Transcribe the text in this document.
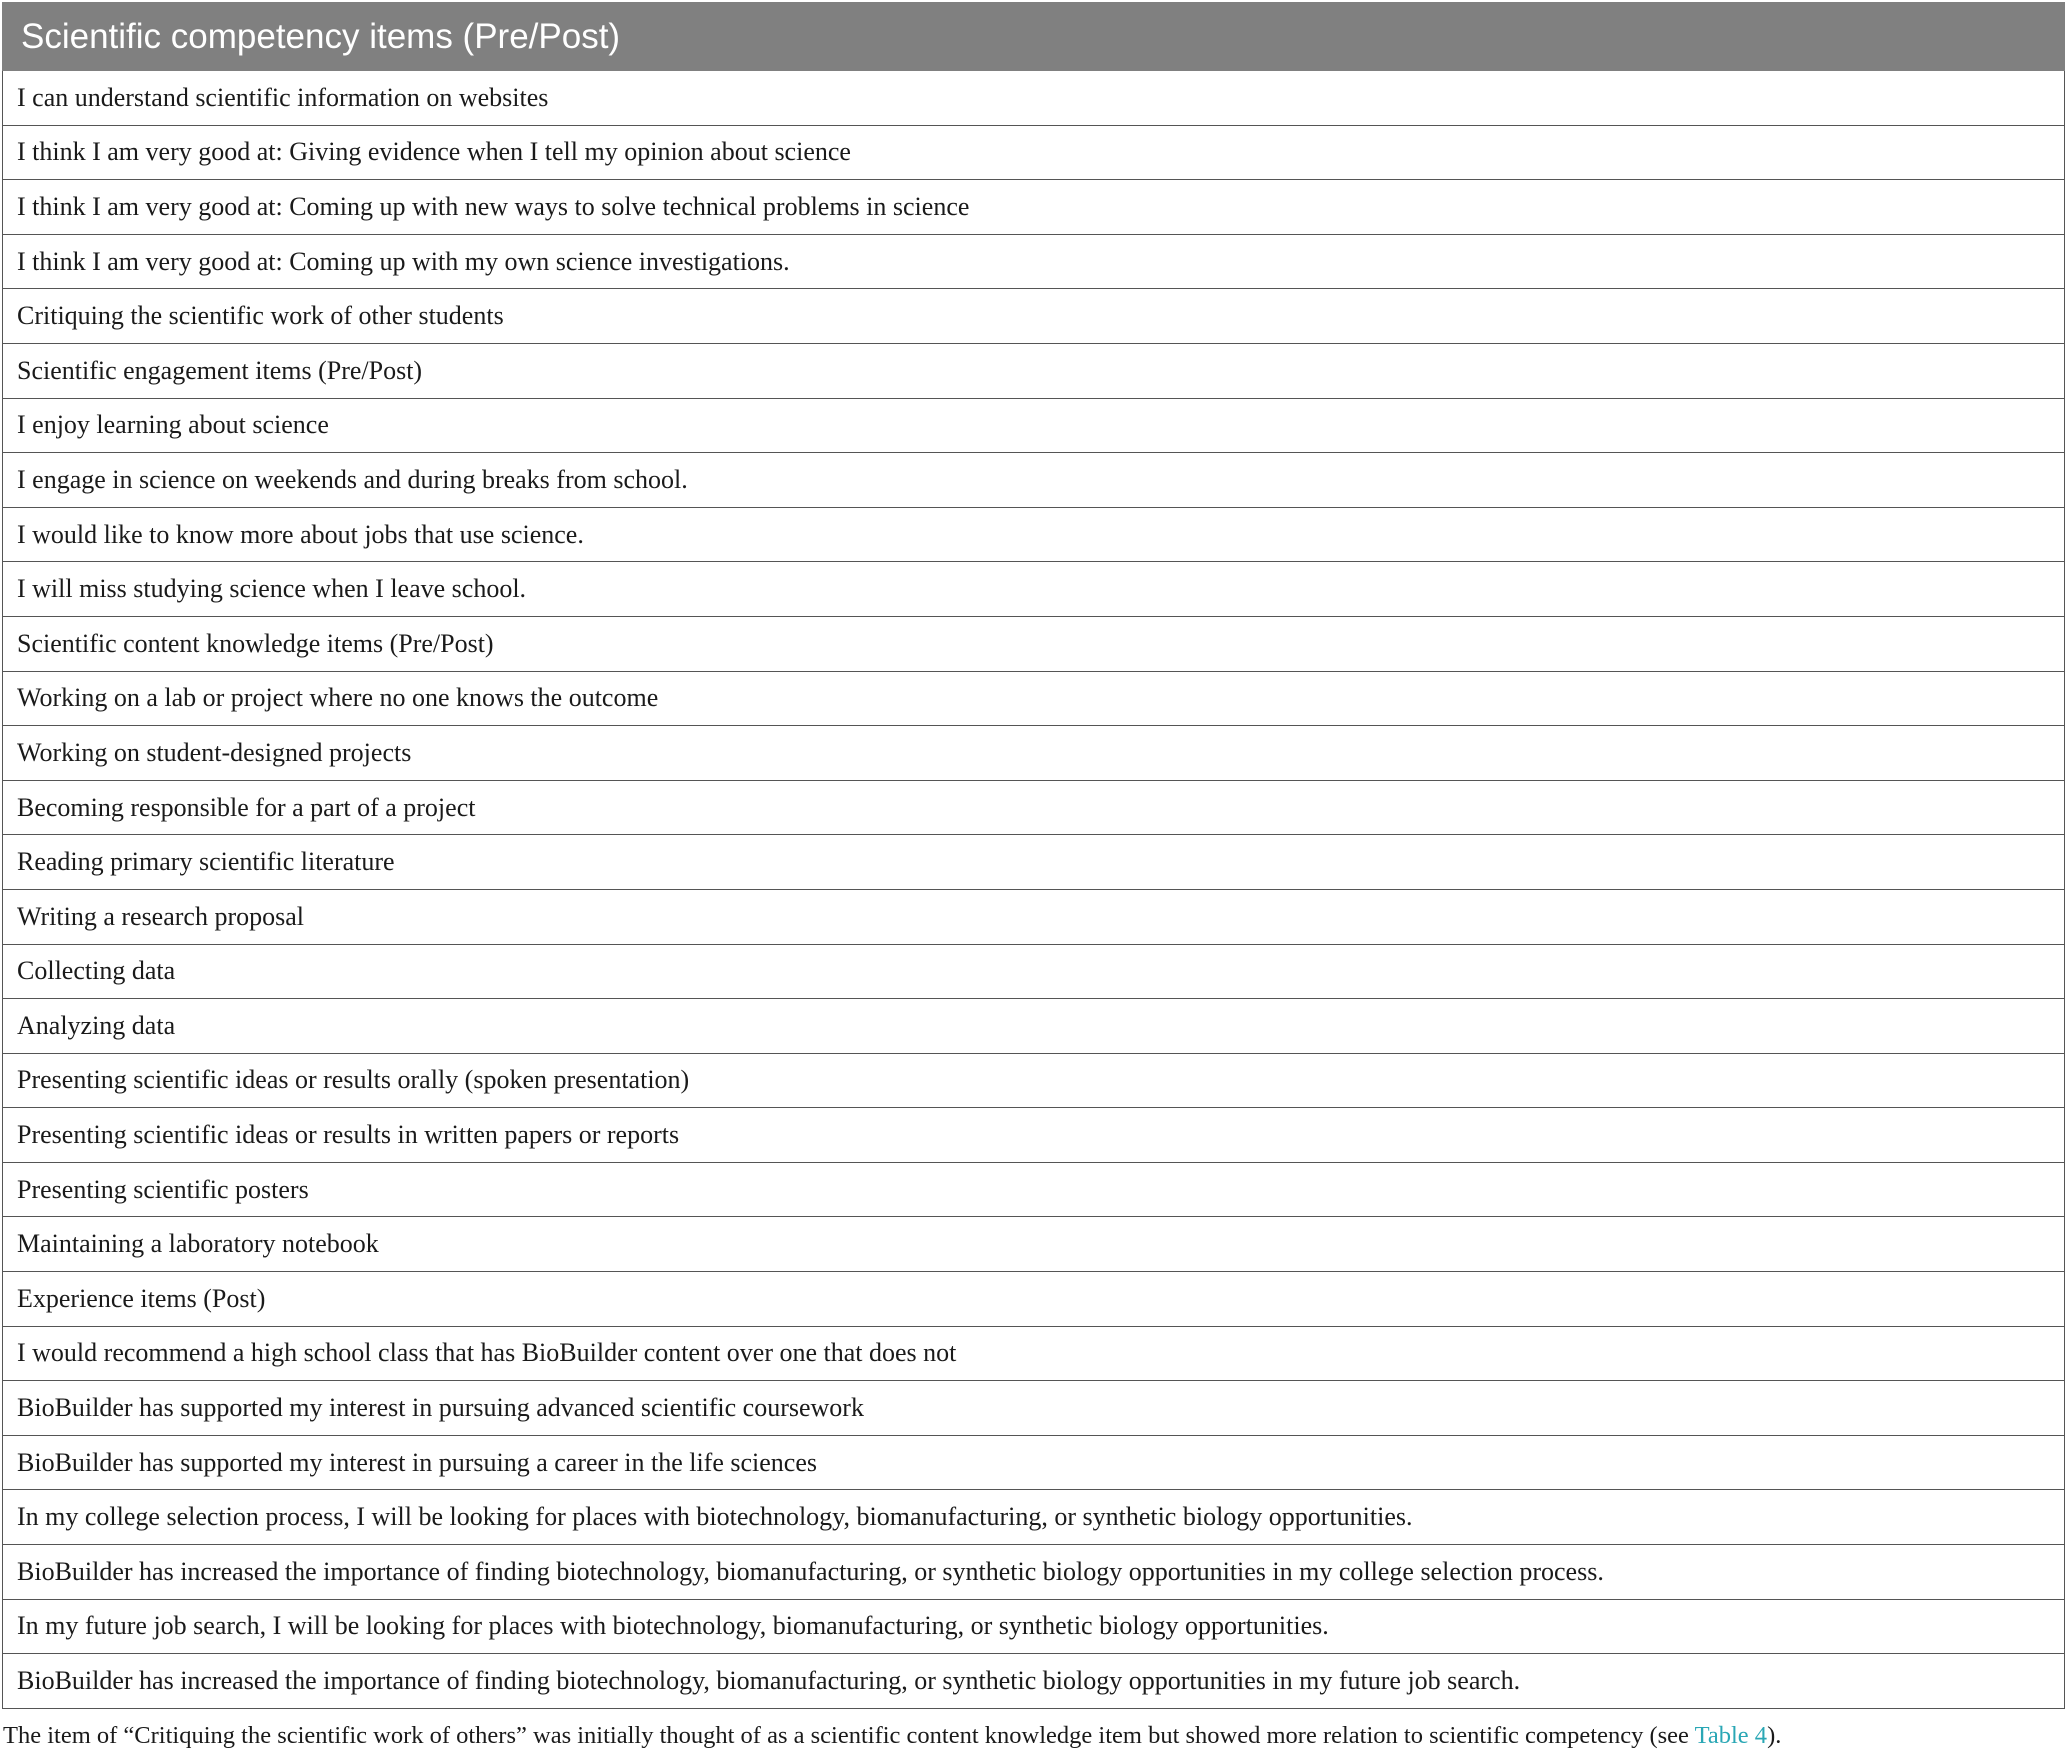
Scientific competency items (Pre/Post)
I can understand scientific information on websites
I think I am very good at: Giving evidence when I tell my opinion about science
I think I am very good at: Coming up with new ways to solve technical problems in science
I think I am very good at: Coming up with my own science investigations.
Critiquing the scientific work of other students
Scientific engagement items (Pre/Post)
I enjoy learning about science
I engage in science on weekends and during breaks from school.
I would like to know more about jobs that use science.
I will miss studying science when I leave school.
Scientific content knowledge items (Pre/Post)
Working on a lab or project where no one knows the outcome
Working on student-designed projects
Becoming responsible for a part of a project
Reading primary scientific literature
Writing a research proposal
Collecting data
Analyzing data
Presenting scientific ideas or results orally (spoken presentation)
Presenting scientific ideas or results in written papers or reports
Presenting scientific posters
Maintaining a laboratory notebook
Experience items (Post)
I would recommend a high school class that has BioBuilder content over one that does not
BioBuilder has supported my interest in pursuing advanced scientific coursework
BioBuilder has supported my interest in pursuing a career in the life sciences
In my college selection process, I will be looking for places with biotechnology, biomanufacturing, or synthetic biology opportunities.
BioBuilder has increased the importance of finding biotechnology, biomanufacturing, or synthetic biology opportunities in my college selection process.
In my future job search, I will be looking for places with biotechnology, biomanufacturing, or synthetic biology opportunities.
BioBuilder has increased the importance of finding biotechnology, biomanufacturing, or synthetic biology opportunities in my future job search.
The item of “Critiquing the scientific work of others” was initially thought of as a scientific content knowledge item but showed more relation to scientific competency (see Table 4).
